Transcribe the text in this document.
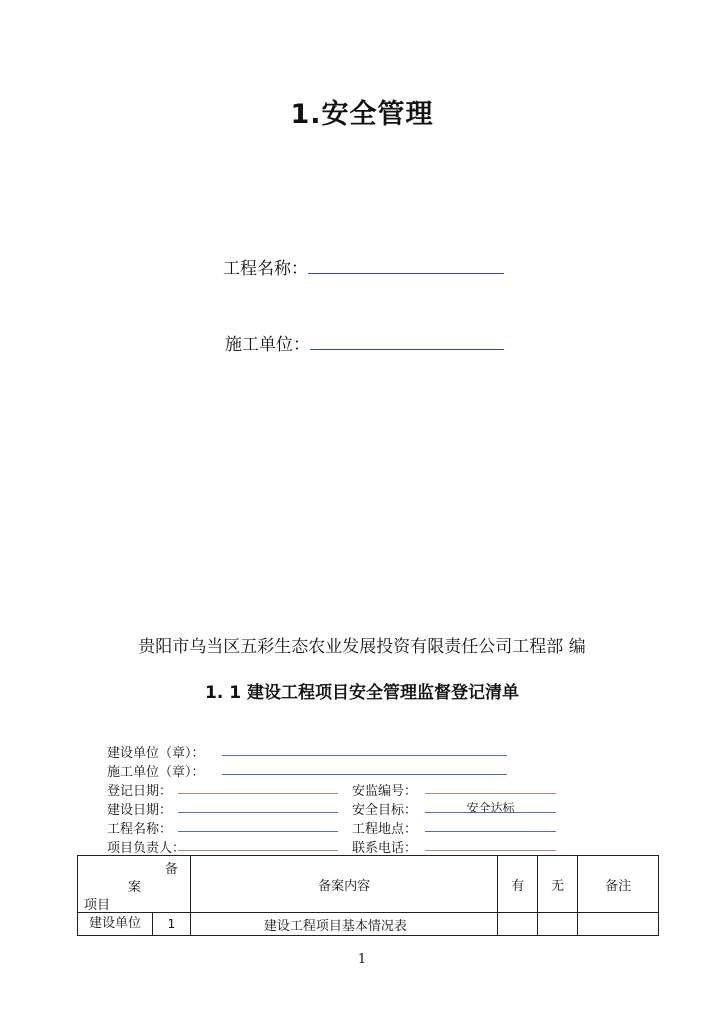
1.安全管理
工程名称：
施工单位：
贵阳市乌当区五彩生态农业发展投资有限责任公司工程部 编
1. 1 建设工程项目安全管理监督登记清单
建设单位（章）：
施工单位（章）：
登记日期：	安监编号：
建设日期：	安全目标：	安全达标
工程名称：	工程地点：
项目负责人：	联系电话：
备
案
项目	备案内容	有	无	备注

建设单位 1	建设工程项目基本情况表			
1
